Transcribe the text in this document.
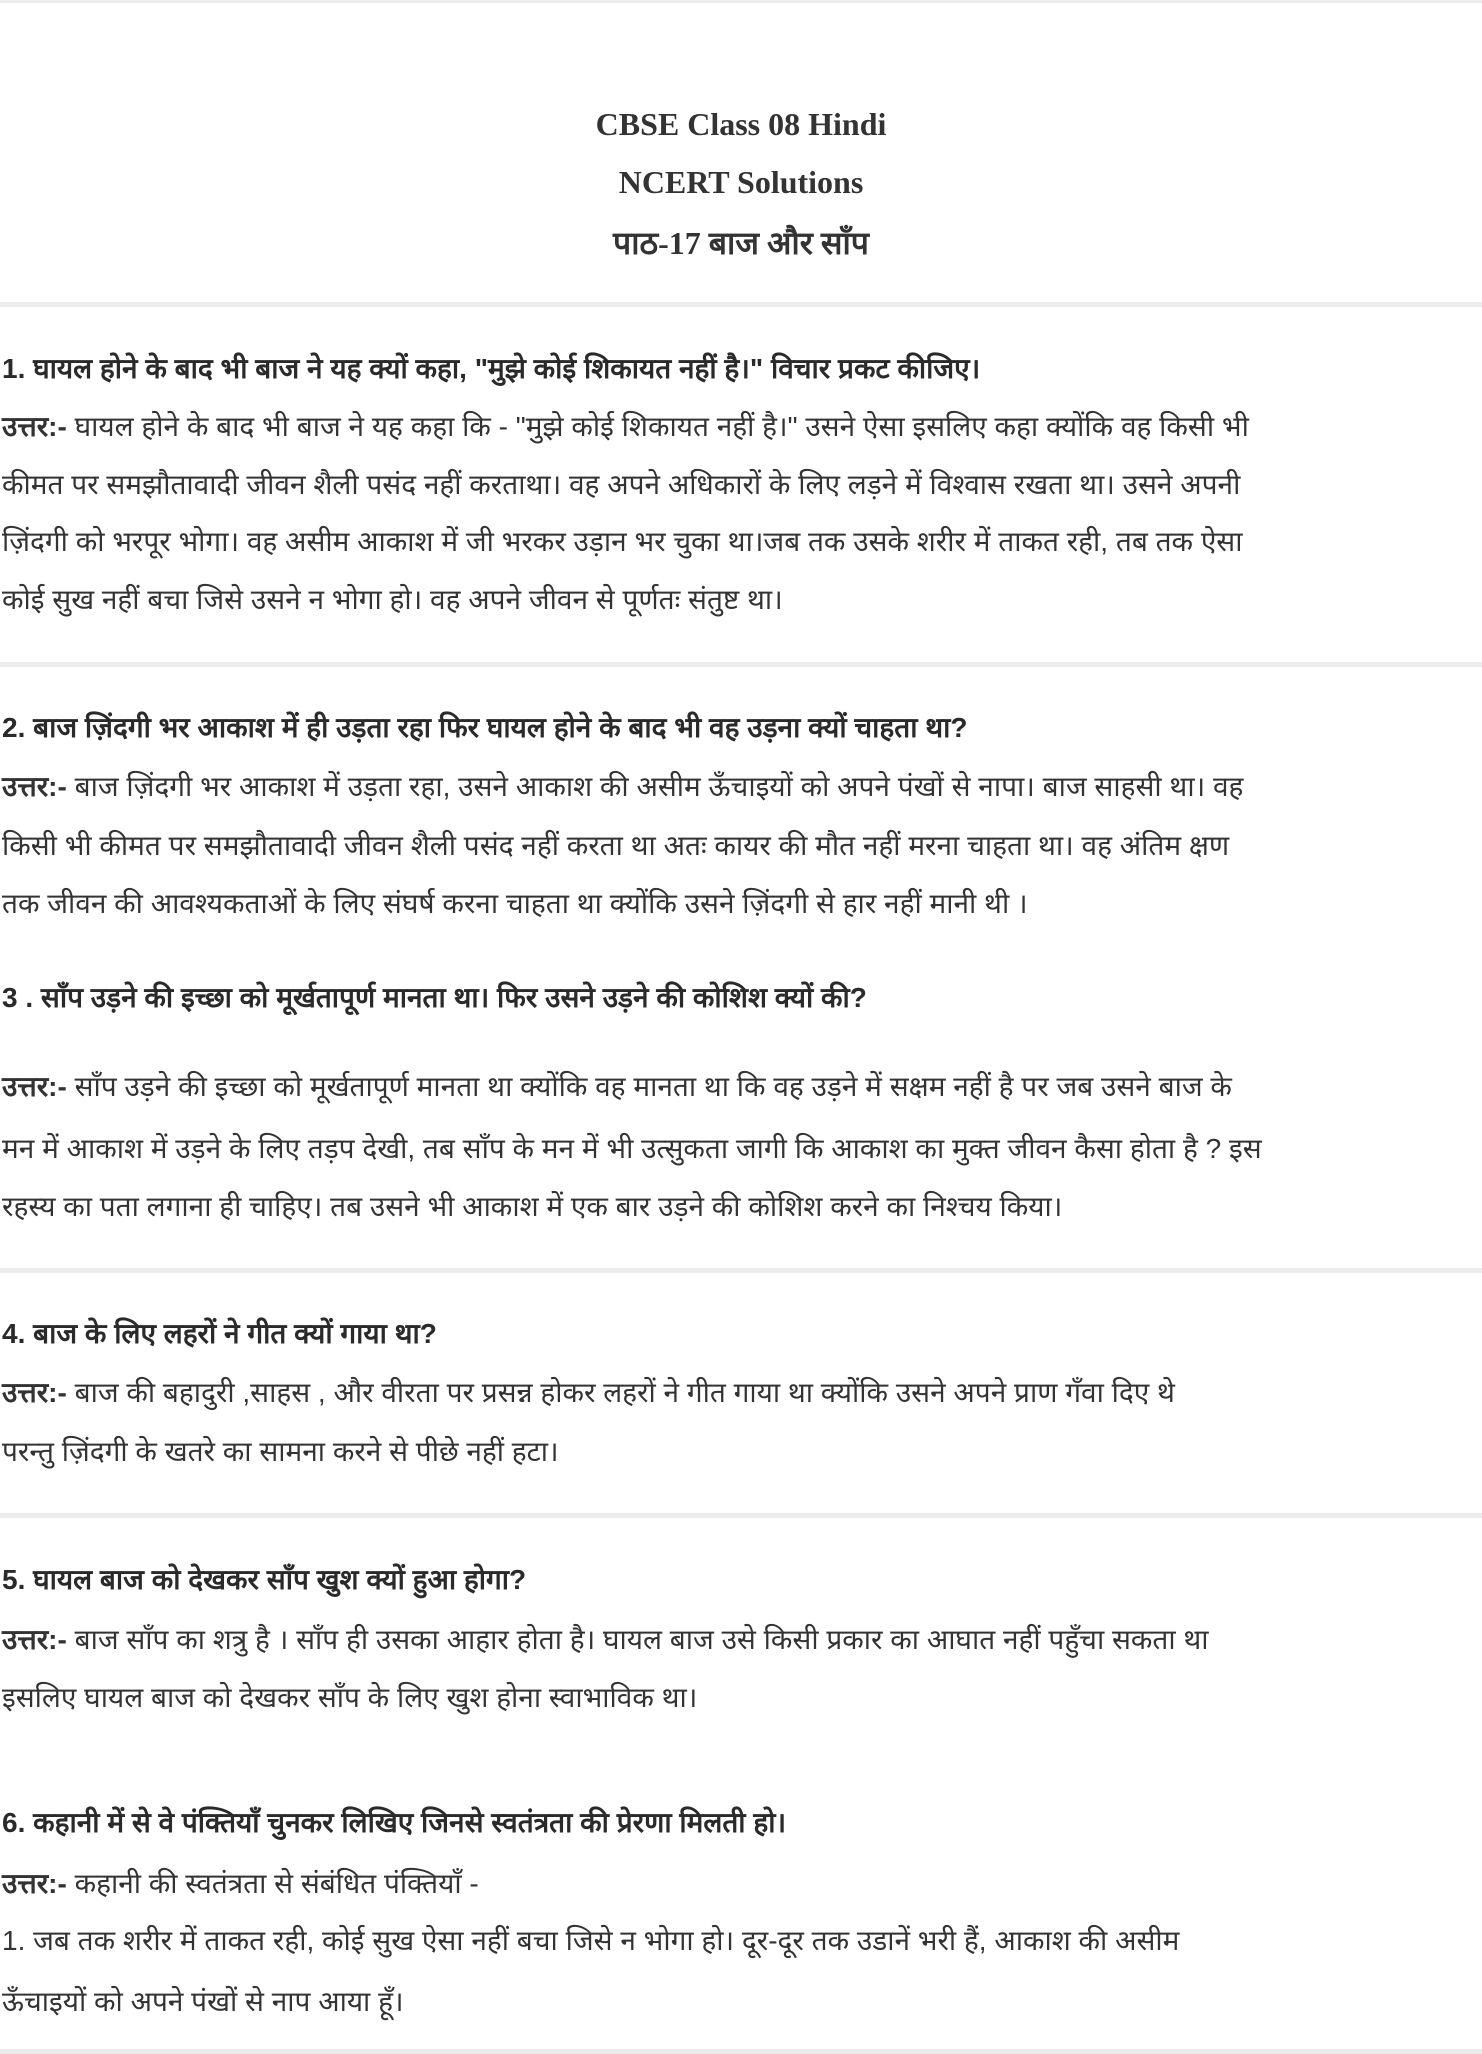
CBSE Class 08 Hindi
NCERT Solutions
पाठ-17 बाज और साँप
1. घायल होने के बाद भी बाज ने यह क्यों कहा, "मुझे कोई शिकायत नहीं है।" विचार प्रकट कीजिए।
उत्तर:- घायल होने के बाद भी बाज ने यह कहा कि - "मुझे कोई शिकायत नहीं है।" उसने ऐसा इसलिए कहा क्योंकि वह किसी भी
कीमत पर समझौतावादी जीवन शैली पसंद नहीं करताथा। वह अपने अधिकारों के लिए लड़ने में विश्वास रखता था। उसने अपनी
ज़िंदगी को भरपूर भोगा। वह असीम आकाश में जी भरकर उड़ान भर चुका था।जब तक उसके शरीर में ताकत रही, तब तक ऐसा
कोई सुख नहीं बचा जिसे उसने न भोगा हो। वह अपने जीवन से पूर्णतः संतुष्ट था।
2. बाज ज़िंदगी भर आकाश में ही उड़ता रहा फिर घायल होने के बाद भी वह उड़ना क्यों चाहता था?
उत्तर:- बाज ज़िंदगी भर आकाश में उड़ता रहा, उसने आकाश की असीम ऊँचाइयों को अपने पंखों से नापा। बाज साहसी था। वह
किसी भी कीमत पर समझौतावादी जीवन शैली पसंद नहीं करता था अतः कायर की मौत नहीं मरना चाहता था। वह अंतिम क्षण
तक जीवन की आवश्यकताओं के लिए संघर्ष करना चाहता था क्योंकि उसने ज़िंदगी से हार नहीं मानी थी ।
3 . साँप उड़ने की इच्छा को मूर्खतापूर्ण मानता था। फिर उसने उड़ने की कोशिश क्यों की?
उत्तर:- साँप उड़ने की इच्छा को मूर्खतापूर्ण मानता था क्योंकि वह मानता था कि वह उड़ने में सक्षम नहीं है पर जब उसने बाज के
मन में आकाश में उड़ने के लिए तड़प देखी, तब साँप के मन में भी उत्सुकता जागी कि आकाश का मुक्त जीवन कैसा होता है ? इस
रहस्य का पता लगाना ही चाहिए। तब उसने भी आकाश में एक बार उड़ने की कोशिश करने का निश्चय किया।
4. बाज के लिए लहरों ने गीत क्यों गाया था?
उत्तर:- बाज की बहादुरी ,साहस , और वीरता पर प्रसन्न होकर लहरों ने गीत गाया था क्योंकि उसने अपने प्राण गँवा दिए थे
परन्तु ज़िंदगी के खतरे का सामना करने से पीछे नहीं हटा।
5. घायल बाज को देखकर साँप खुश क्यों हुआ होगा?
उत्तर:- बाज साँप का शत्रु है । साँप ही उसका आहार होता है। घायल बाज उसे किसी प्रकार का आघात नहीं पहुँचा सकता था
इसलिए घायल बाज को देखकर साँप के लिए खुश होना स्वाभाविक था।
6. कहानी में से वे पंक्तियाँ चुनकर लिखिए जिनसे स्वतंत्रता की प्रेरणा मिलती हो।
उत्तर:- कहानी की स्वतंत्रता से संबंधित पंक्तियाँ -
1. जब तक शरीर में ताकत रही, कोई सुख ऐसा नहीं बचा जिसे न भोगा हो। दूर-दूर तक उडानें भरी हैं, आकाश की असीम
ऊँचाइयों को अपने पंखों से नाप आया हूँ।
